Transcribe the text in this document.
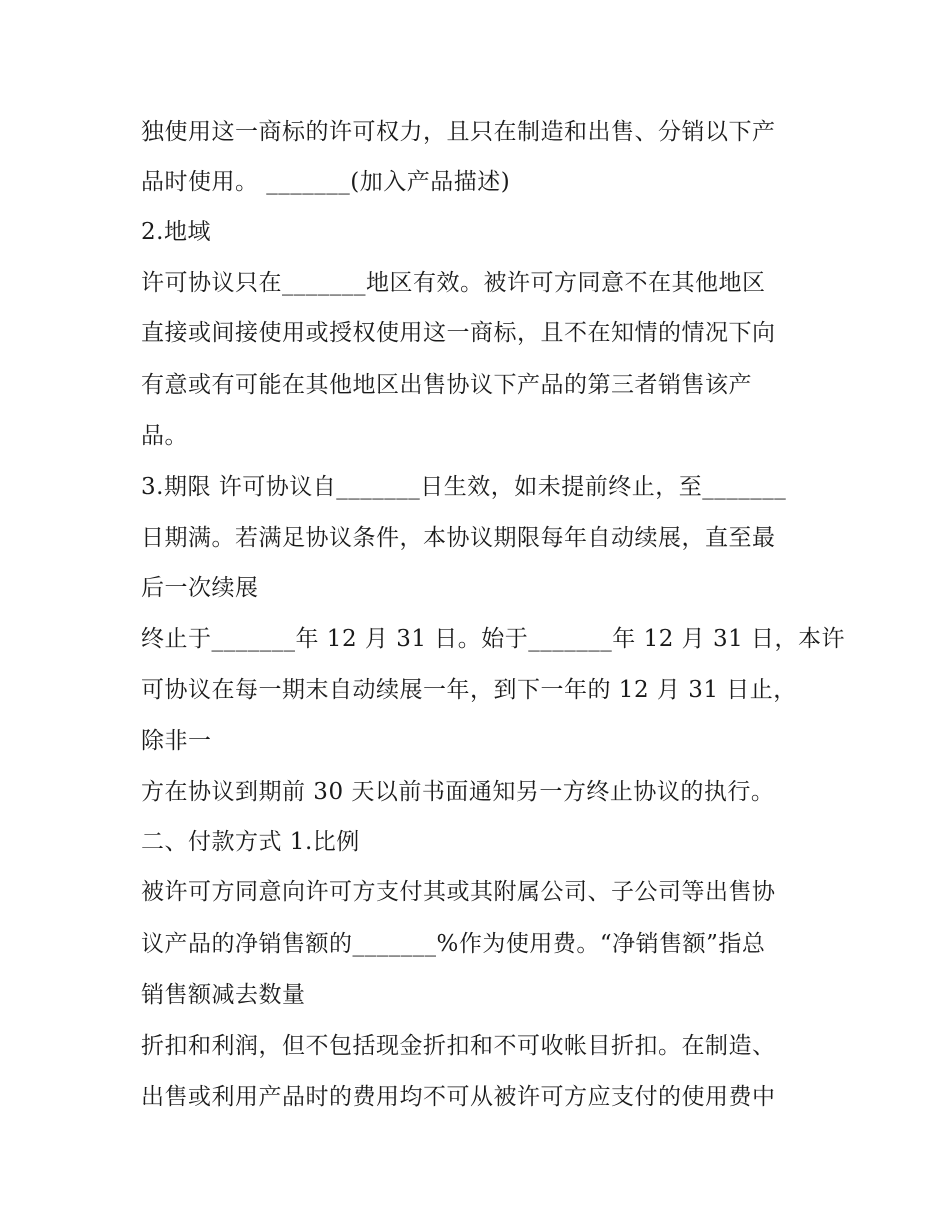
独使用这一商标的许可权力，且只在制造和出售、分销以下产
品时使用。 _______(加入产品描述)
2.地域
许可协议只在_______地区有效。被许可方同意不在其他地区
直接或间接使用或授权使用这一商标，且不在知情的情况下向
有意或有可能在其他地区出售协议下产品的第三者销售该产
品。
3.期限 许可协议自_______日生效，如未提前终止，至_______
日期满。若满足协议条件，本协议期限每年自动续展，直至最
后一次续展
终止于_______年 12 月 31 日。始于_______年 12 月 31 日，本许
可协议在每一期末自动续展一年，到下一年的 12 月 31 日止，
除非一
方在协议到期前 30 天以前书面通知另一方终止协议的执行。
二、付款方式 1.比例
被许可方同意向许可方支付其或其附属公司、子公司等出售协
议产品的净销售额的_______%作为使用费。“净销售额”指总
销售额减去数量
折扣和利润，但不包括现金折扣和不可收帐目折扣。在制造、
出售或利用产品时的费用均不可从被许可方应支付的使用费中
